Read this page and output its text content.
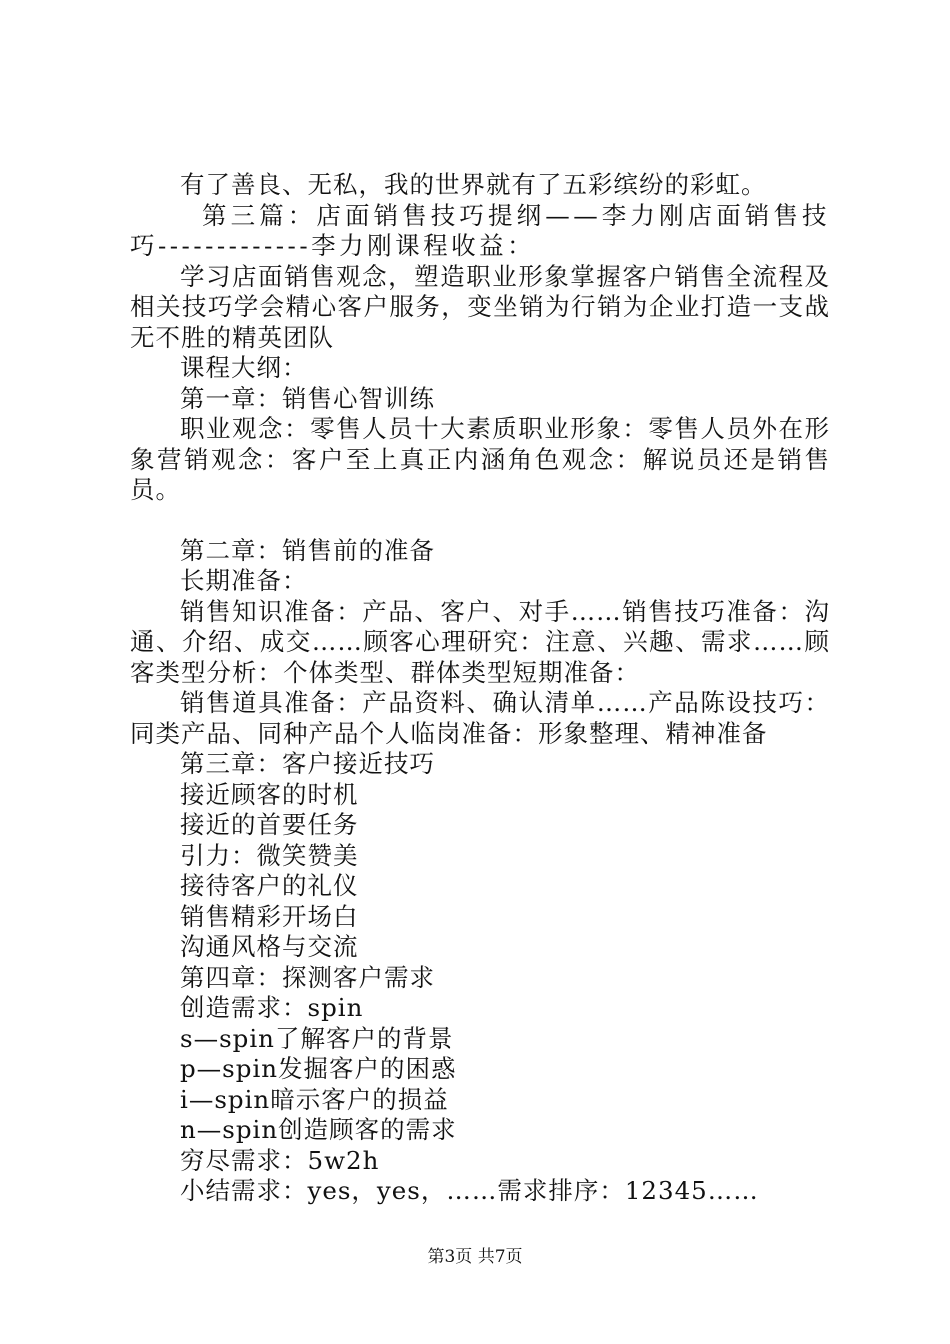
有了善良、无私，我的世界就有了五彩缤纷的彩虹。

第三篇：店面销售技巧提纲——李力刚店面销售技巧-------------李力刚课程收益：

学习店面销售观念，塑造职业形象掌握客户销售全流程及相关技巧学会精心客户服务，变坐销为行销为企业打造一支战无不胜的精英团队

课程大纲：

第一章：销售心智训练

职业观念：零售人员十大素质职业形象：零售人员外在形象营销观念：客户至上真正内涵角色观念：解说员还是销售员。

第二章：销售前的准备

长期准备：

销售知识准备：产品、客户、对手……销售技巧准备：沟通、介绍、成交……顾客心理研究：注意、兴趣、需求……顾客类型分析：个体类型、群体类型短期准备：

销售道具准备：产品资料、确认清单……产品陈设技巧：同类产品、同种产品个人临岗准备：形象整理、精神准备

第三章：客户接近技巧

接近顾客的时机

接近的首要任务

引力：微笑赞美

接待客户的礼仪

销售精彩开场白

沟通风格与交流

第四章：探测客户需求

创造需求：spin

s—spin了解客户的背景

p—spin发掘客户的困惑

i—spin暗示客户的损益

n—spin创造顾客的需求

穷尽需求：5w2h

小结需求：yes，yes，……需求排序：12345……

第3页 共7页
